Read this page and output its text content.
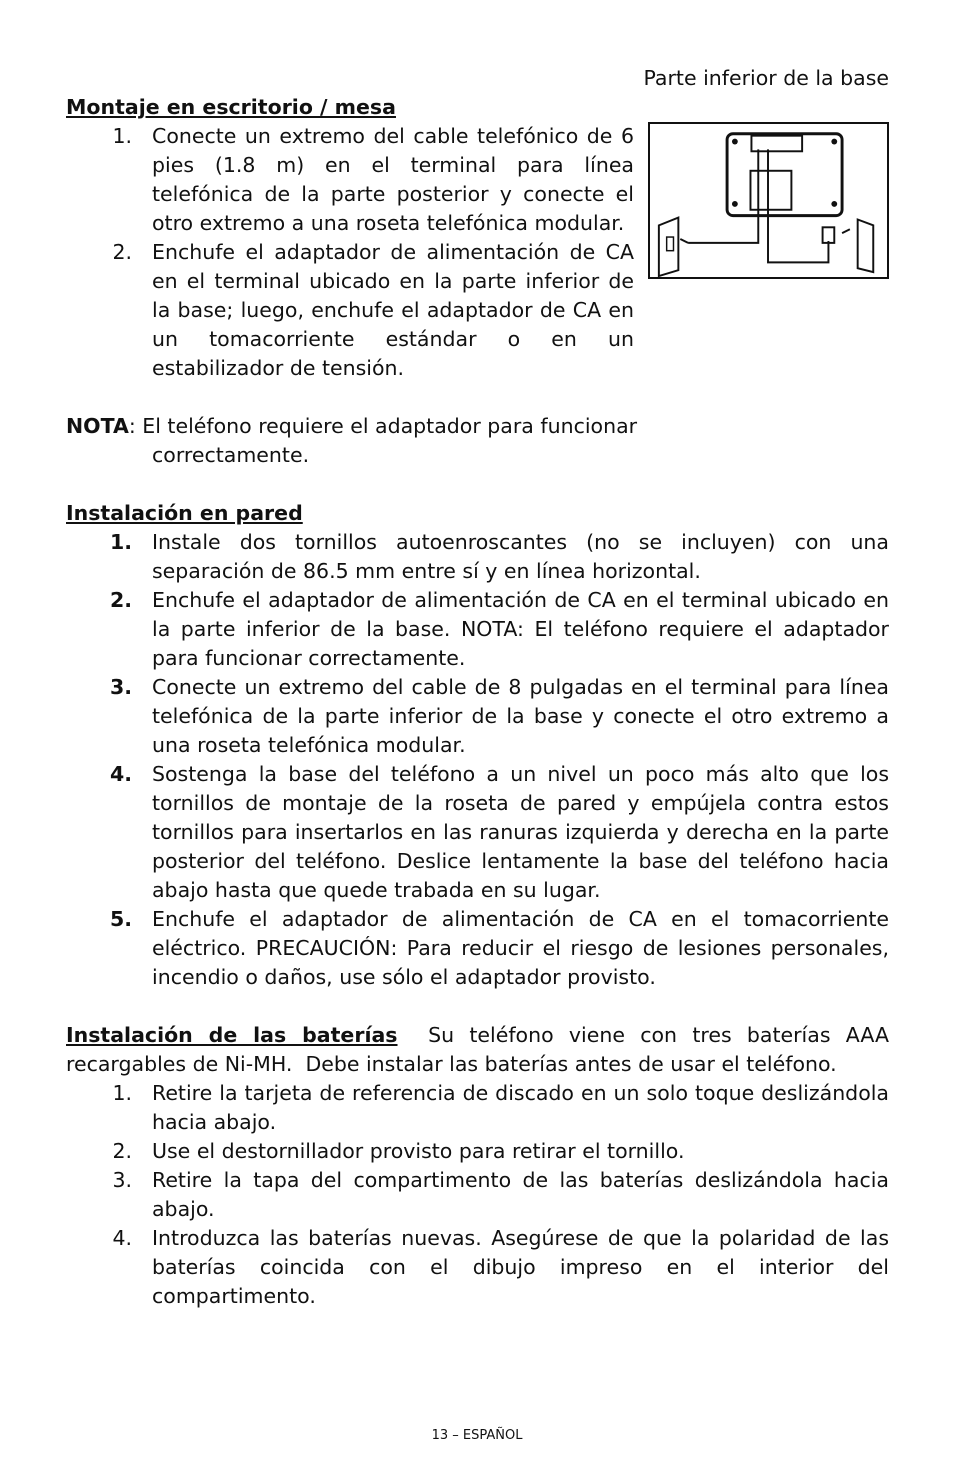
Parte inferior de la base
Montaje en escritorio / mesa
1. Conecte un extremo del cable telefónico de 6 pies (1.8 m) en el terminal para línea telefónica de la parte posterior y conecte el otro extremo a una roseta telefónica modular.
2. Enchufe el adaptador de alimentación de CA en el terminal ubicado en la parte inferior de la base; luego, enchufe el adaptador de CA en un tomacorriente estándar o en un estabilizador de tensión.
NOTA: El teléfono requiere el adaptador para funcionar
correctamente.
Instalación en pared
1. Instale dos tornillos autoenroscantes (no se incluyen) con una separación de 86.5 mm entre sí y en línea horizontal.
2. Enchufe el adaptador de alimentación de CA en el terminal ubicado en la parte inferior de la base. NOTA: El teléfono requiere el adaptador para funcionar correctamente.
3. Conecte un extremo del cable de 8 pulgadas en el terminal para línea telefónica de la parte inferior de la base y conecte el otro extremo a una roseta telefónica modular.
4. Sostenga la base del teléfono a un nivel un poco más alto que los tornillos de montaje de la roseta de pared y empújela contra estos tornillos para insertarlos en las ranuras izquierda y derecha en la parte posterior del teléfono. Deslice lentamente la base del teléfono hacia abajo hasta que quede trabada en su lugar.
5. Enchufe el adaptador de alimentación de CA en el tomacorriente eléctrico. PRECAUCIÓN: Para reducir el riesgo de lesiones personales, incendio o daños, use sólo el adaptador provisto.
Instalación de las baterías  Su teléfono viene con tres baterías AAA recargables de Ni-MH.  Debe instalar las baterías antes de usar el teléfono.
1. Retire la tarjeta de referencia de discado en un solo toque deslizándola hacia abajo.
2. Use el destornillador provisto para retirar el tornillo.
3. Retire la tapa del compartimento de las baterías deslizándola hacia abajo.
4. Introduzca las baterías nuevas. Asegúrese de que la polaridad de las baterías coincida con el dibujo impreso en el interior del compartimento.
13 – ESPAÑOL
